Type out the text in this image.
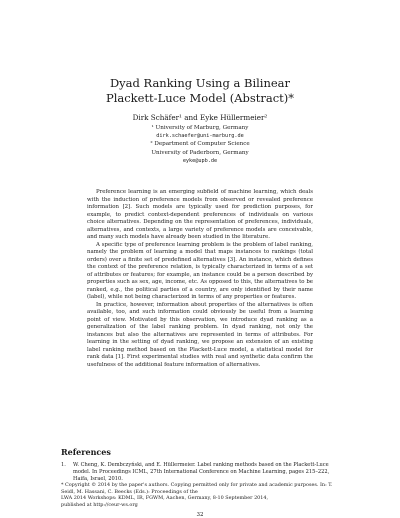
Dyad Ranking Using a Bilinear
Plackett-Luce Model (Abstract)*
Dirk Schäfer¹ and Eyke Hüllermeier²
¹ University of Marburg, Germany
dirk.schaefer@uni-marburg.de
² Department of Computer Science
University of Paderborn, Germany
eyke@upb.de

Preference learning is an emerging subfield of machine learning, which deals with the induction of preference models from observed or revealed preference information [2]. Such models are typically used for prediction purposes, for example, to predict context-dependent preferences of individuals on various choice alternatives. Depending on the representation of preferences, individuals, alternatives, and contexts, a large variety of preference models are conceivable, and many such models have already been studied in the literature.

A specific type of preference learning problem is the problem of label ranking, namely the problem of learning a model that maps instances to rankings (total orders) over a finite set of predefined alternatives [3]. An instance, which defines the context of the preference relation, is typically characterized in terms of a set of attributes or features; for example, an instance could be a person described by properties such as sex, age, income, etc. As opposed to this, the alternatives to be ranked, e.g., the political parties of a country, are only identified by their name (label), while not being characterized in terms of any properties or features.

In practice, however, information about properties of the alternatives is often available, too, and such information could obviously be useful from a learning point of view. Motivated by this observation, we introduce dyad ranking as a generalization of the label ranking problem. In dyad ranking, not only the instances but also the alternatives are represented in terms of attributes. For learning in the setting of dyad ranking, we propose an extension of an existing label ranking method based on the Plackett-Luce model, a statistical model for rank data [1]. First experimental studies with real and synthetic data confirm the usefulness of the additional feature information of alternatives.

References
1.	W. Cheng, K. Dembczyński, and E. Hüllermeier. Label ranking methods based on the Plackett-Luce model. In Proceedings ICML, 27th International Conference on Machine Learning, pages 215–222, Haifa, Israel, 2010.
* Copyright © 2014 by the paper's authors. Copying permitted only for private and academic purposes. In: T. Seidl, M. Hassani, C. Beecks (Eds.): Proceedings of the
LWA 2014 Workshops: KDML, IR, FGWM, Aachen, Germany, 8-10 September 2014,
published at http://ceur-ws.org
32
